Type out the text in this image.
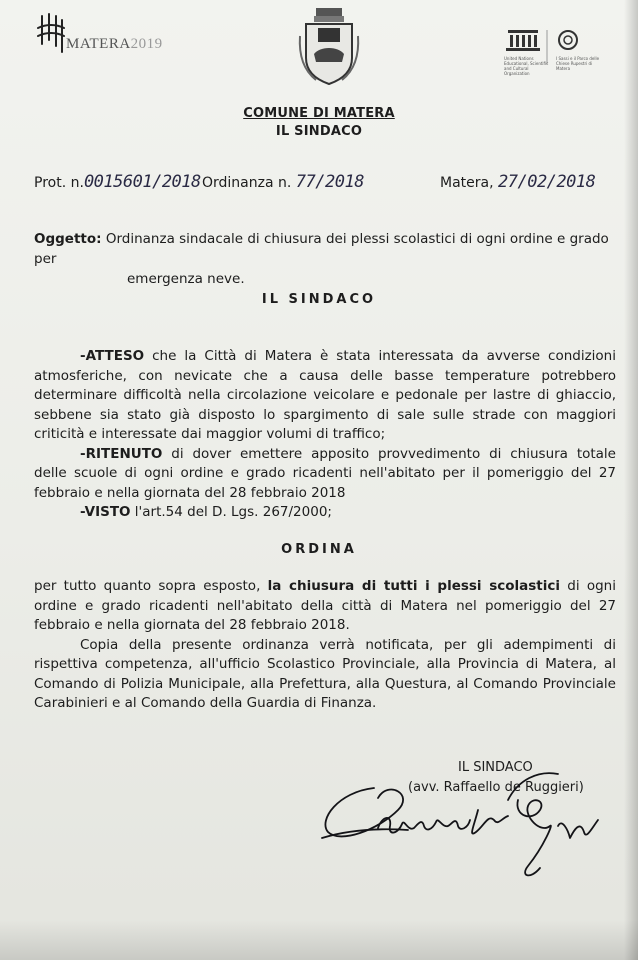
MATERA2019
United Nations Educational, Scientific and Cultural Organization
I Sassi e il Parco delle Chiese Rupestri di Matera
COMUNE DI MATERA
IL SINDACO
Prot. n.0015601/2018 Ordinanza n. 77/2018	Matera, 27/02/2018
Oggetto: Ordinanza sindacale di chiusura dei plessi scolastici di ogni ordine e grado per
emergenza neve.
IL SINDACO

-ATTESO che la Città di Matera è stata interessata da avverse condizioni atmosferiche, con nevicate che a causa delle basse temperature potrebbero determinare difficoltà nella circolazione veicolare e pedonale per lastre di ghiaccio, sebbene sia stato già disposto lo spargimento di sale sulle strade con maggiori criticità e interessate dai maggior volumi di traffico;

-RITENUTO di dover emettere apposito provvedimento di chiusura totale delle scuole di ogni ordine e grado ricadenti nell'abitato per il pomeriggio del 27 febbraio e nella giornata del 28 febbraio 2018

-VISTO l'art.54 del D. Lgs. 267/2000;

ORDINA

per tutto quanto sopra esposto, la chiusura di tutti i plessi scolastici di ogni ordine e grado ricadenti nell'abitato della città di Matera nel pomeriggio del 27 febbraio e nella giornata del 28 febbraio 2018.

Copia della presente ordinanza verrà notificata, per gli adempimenti di rispettiva competenza, all'ufficio Scolastico Provinciale, alla Provincia di Matera, al Comando di Polizia Municipale, alla Prefettura, alla Questura, al Comando Provinciale Carabinieri e al Comando della Guardia di Finanza.

IL SINDACO
(avv. Raffaello de Ruggieri)
